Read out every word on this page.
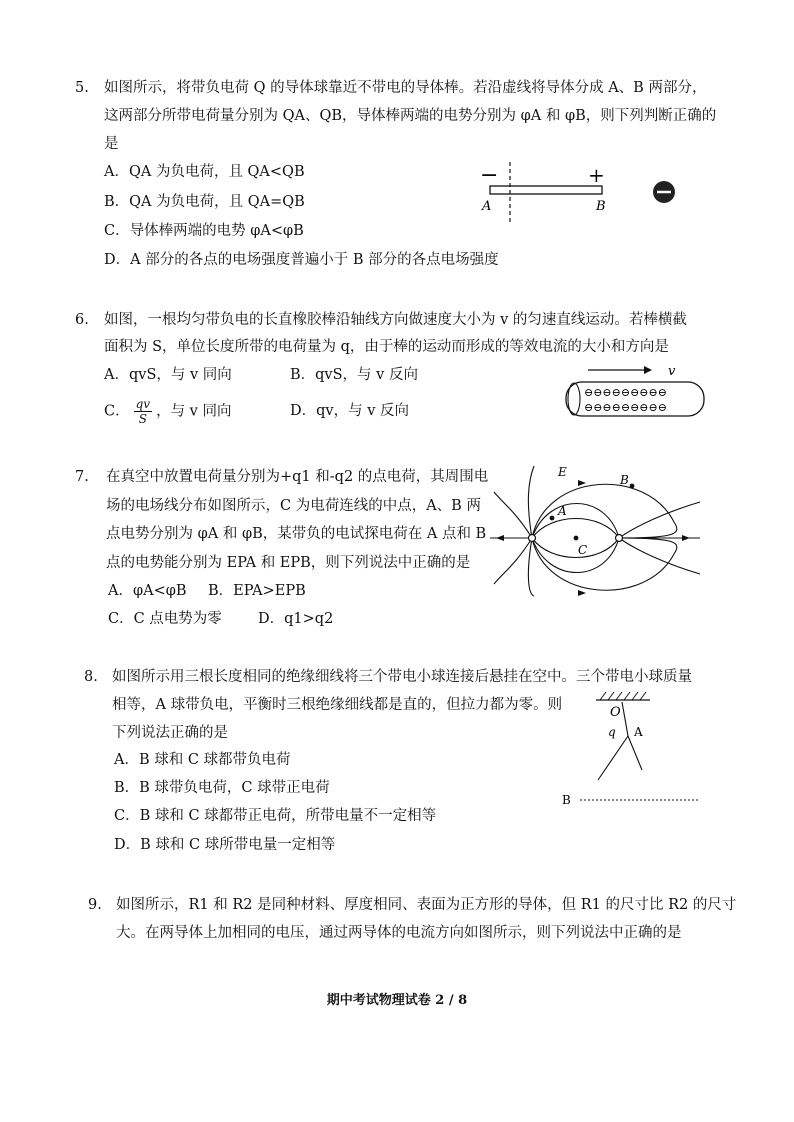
5. 如图所示，将带负电荷 Q 的导体球靠近不带电的导体棒。若沿虚线将导体分成 A、B 两部分，
这两部分所带电荷量分别为 QA、QB，导体棒两端的电势分别为 φA 和 φB，则下列判断正确的
是
A．QA 为负电荷，且 QA<QB
B．QA 为负电荷，且 QA=QB
C．导体棒两端的电势 φA<φB
D．A 部分的各点的电场强度普遍小于 B 部分的各点电场强度
−	+
A	B
6. 如图，一根均匀带负电的长直橡胶棒沿轴线方向做速度大小为 v 的匀速直线运动。若棒横截
面积为 S，单位长度所带的电荷量为 q，由于棒的运动而形成的等效电流的大小和方向是
A．qvS，与 v 同向	B．qvS，与 v 反向
C． $\frac{qv}{S}$ ，与 v 同向	D．qv，与 v 反向
v
⊖⊖⊖⊖⊖⊖⊖⊖⊖
⊖⊖⊖⊖⊖⊖⊖⊖⊖
7. 在真空中放置电荷量分别为+q1 和-q2 的点电荷，其周围电
场的电场线分布如图所示，C 为电荷连线的中点，A、B 两
点电势分别为 φA 和 φB，某带负的电试探电荷在 A 点和 B
点的电势能分别为 EPA 和 EPB，则下列说法中正确的是
A．φA<φB B．EPA>EPB
C．C 点电势为零 D．q1>q2
E
A
B
C
8. 如图所示用三根长度相同的绝缘细线将三个带电小球连接后悬挂在空中。三个带电小球质量
相等，A 球带负电，平衡时三根绝缘细线都是直的，但拉力都为零。则
下列说法正确的是
A．B 球和 C 球都带负电荷
B．B 球带负电荷，C 球带正电荷
C．B 球和 C 球都带正电荷，所带电量不一定相等
D．B 球和 C 球所带电量一定相等
O
q A
B
9. 如图所示，R1 和 R2 是同种材料、厚度相同、表面为正方形的导体，但 R1 的尺寸比 R2 的尺寸
大。在两导体上加相同的电压，通过两导体的电流方向如图所示，则下列说法中正确的是
期中考试物理试卷 2 / 8
